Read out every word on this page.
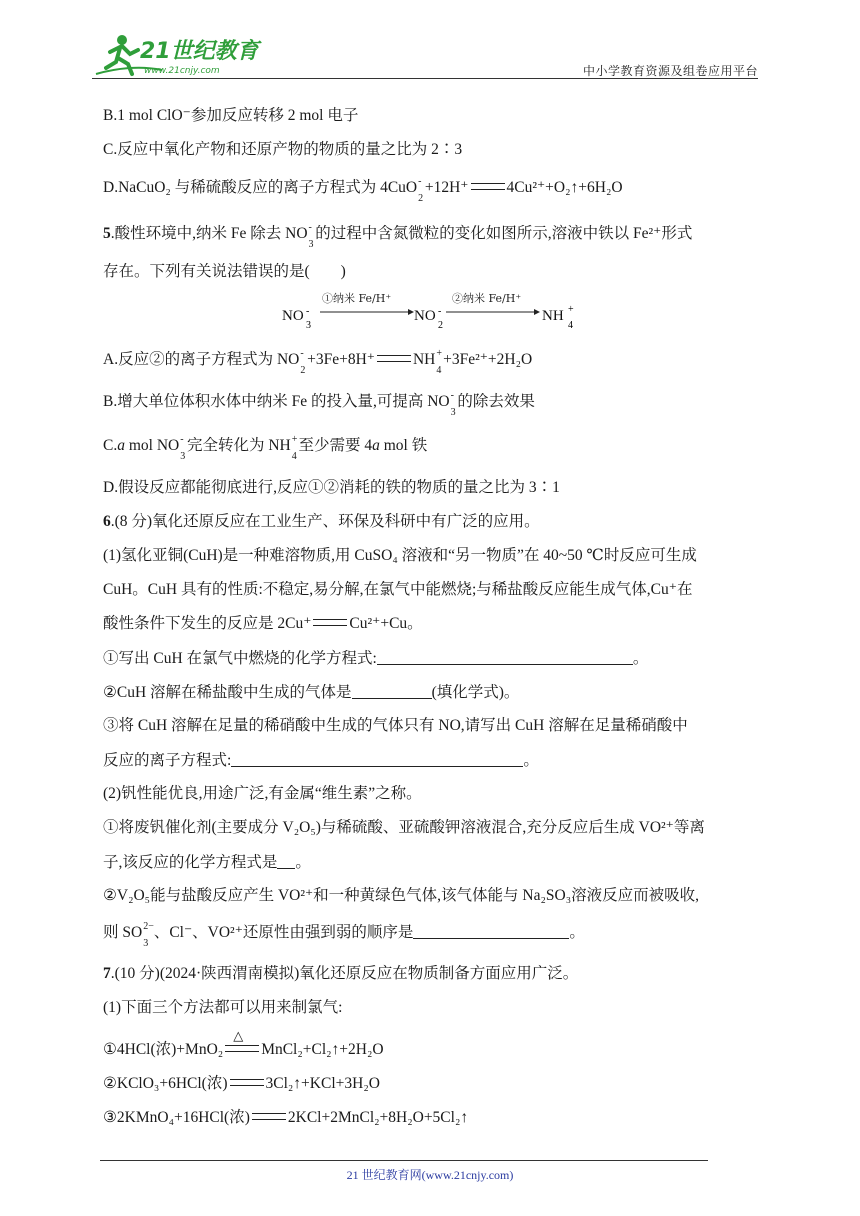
21世纪教育
www.21cnjy.com	中小学教育资源及组卷应用平台
B.1 mol ClO⁻参加反应转移 2 mol 电子
C.反应中氧化产物和还原产物的物质的量之比为 2∶3
D.NaCuO₂ 与稀硫酸反应的离子方程式为 4CuO -
2
+12H⁺ 4Cu²⁺+O₂↑+6H₂O
5.酸性环境中,纳米 Fe 除去 NO -
3
的过程中含氮微粒的变化如图所示,溶液中铁以 Fe²⁺形式
存在。下列有关说法错误的是(　　)
A.反应②的离子方程式为 NO -
2
+3Fe+8H⁺ NH +
4
+3Fe²⁺+2H₂O
B.增大单位体积水体中纳米 Fe 的投入量,可提高 NO -
3
的除去效果
C.a mol NO -
3
完全转化为 NH +
4
至少需要 4a mol 铁
D.假设反应都能彻底进行,反应①②消耗的铁的物质的量之比为 3∶1
6.(8 分)氧化还原反应在工业生产、环保及科研中有广泛的应用。
(1)氢化亚铜(CuH)是一种难溶物质,用 CuSO₄ 溶液和“另一物质”在 40~50 ℃时反应可生成
CuH。CuH 具有的性质:不稳定,易分解,在氯气中能燃烧;与稀盐酸反应能生成气体,Cu⁺在
酸性条件下发生的反应是 2Cu⁺ Cu²⁺+Cu。
①写出 CuH 在氯气中燃烧的化学方程式:	。
②CuH 溶解在稀盐酸中生成的气体是	(填化学式)。
③将 CuH 溶解在足量的稀硝酸中生成的气体只有 NO,请写出 CuH 溶解在足量稀硝酸中
反应的离子方程式:	。
(2)钒性能优良,用途广泛,有金属“维生素”之称。
①将废钒催化剂(主要成分 V₂O₅)与稀硫酸、亚硫酸钾溶液混合,充分反应后生成 VO²⁺等离
子,该反应的化学方程式是 。
②V₂O₅能与盐酸反应产生 VO²⁺和一种黄绿色气体,该气体能与 Na₂SO₃溶液反应而被吸收,
则 SO 2−
3
、Cl⁻、VO²⁺还原性由强到弱的顺序是	。
7.(10 分)(2024·陕西渭南模拟)氧化还原反应在物质制备方面应用广泛。
(1)下面三个方法都可以用来制氯气:
①4HCl(浓)+MnO₂
△
MnCl₂+Cl₂↑+2H₂O
②KClO₃+6HCl(浓) 3Cl₂↑+KCl+3H₂O
③2KMnO₄+16HCl(浓) 2KCl+2MnCl₂+8H₂O+5Cl₂↑
①纳米 Fe/H⁺	②纳米 Fe/H⁺
NO -
3
NO -
2
NH +
4
21 世纪教育网(www.21cnjy.com)
